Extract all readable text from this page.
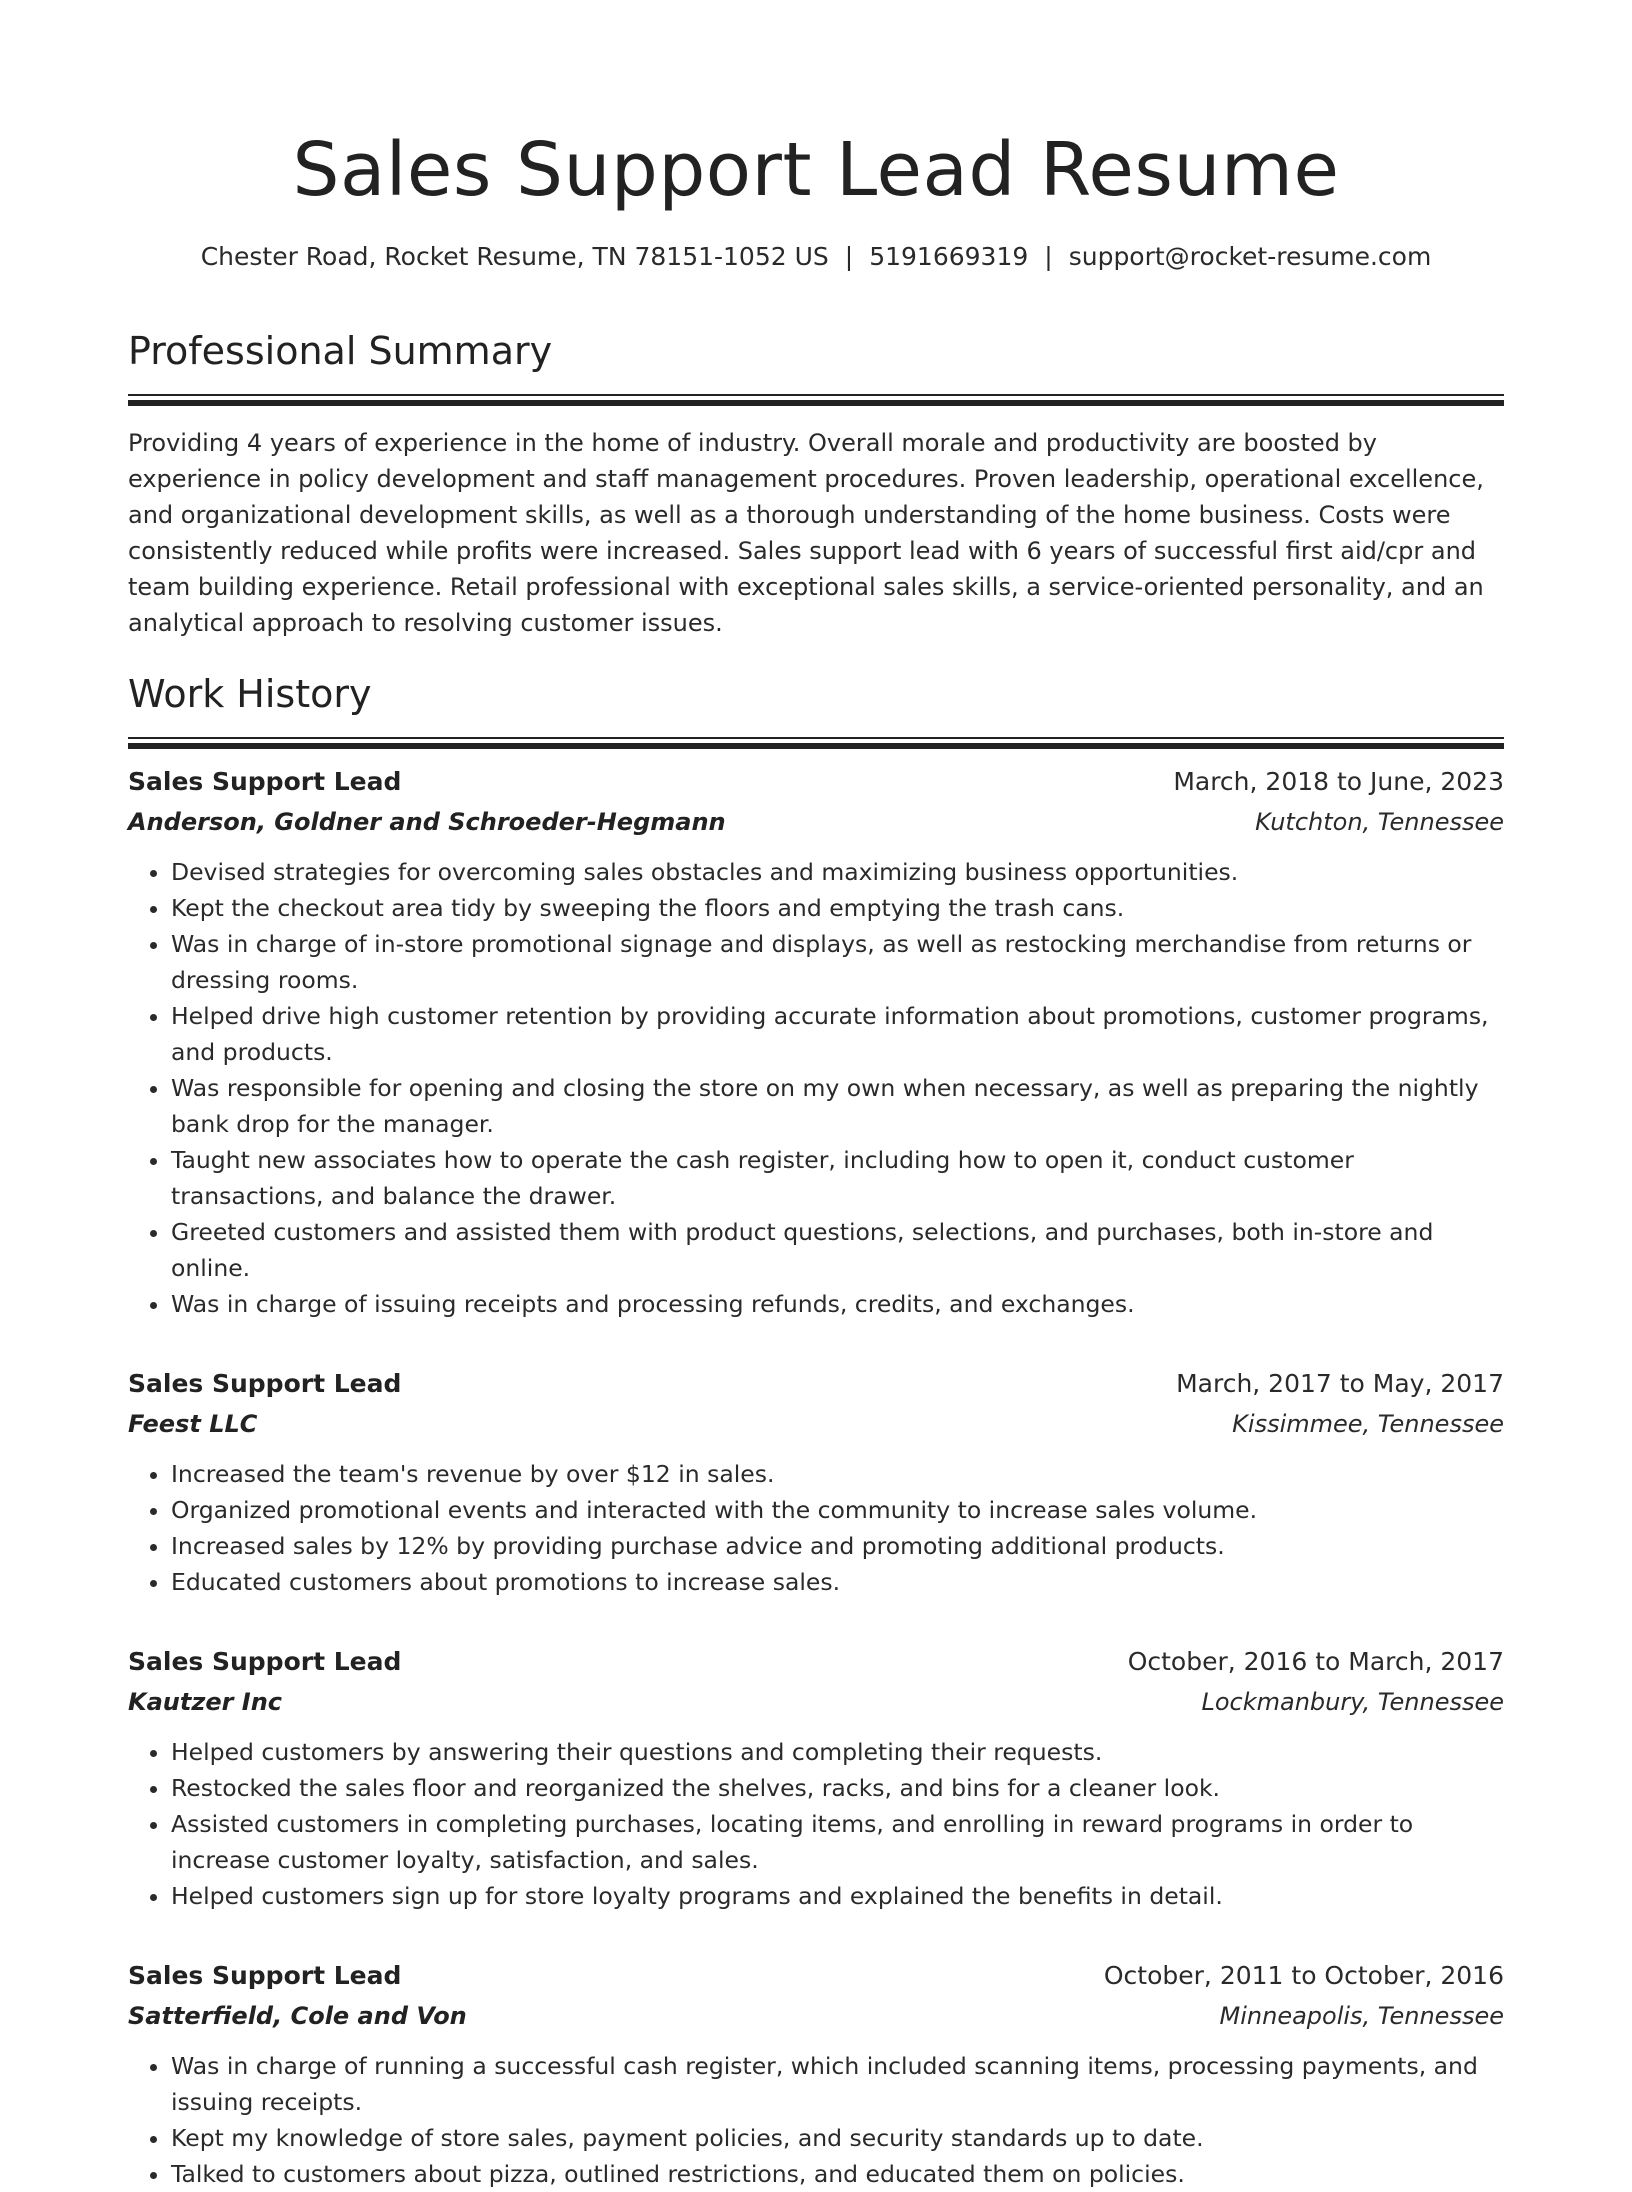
Sales Support Lead Resume
Chester Road, Rocket Resume, TN 78151-1052 US | 5191669319 | support@rocket-resume.com
Professional Summary

Providing 4 years of experience in the home of industry. Overall morale and productivity are boosted by experience in policy development and staff management procedures. Proven leadership, operational excellence, and organizational development skills, as well as a thorough understanding of the home business. Costs were consistently reduced while profits were increased. Sales support lead with 6 years of successful first aid/cpr and team building experience. Retail professional with exceptional sales skills, a service-oriented personality, and an analytical approach to resolving customer issues.

Work History
Sales Support Lead	March, 2018 to June, 2023
Anderson, Goldner and Schroeder-Hegmann	Kutchton, Tennessee
• Devised strategies for overcoming sales obstacles and maximizing business opportunities.
• Kept the checkout area tidy by sweeping the floors and emptying the trash cans.
• Was in charge of in-store promotional signage and displays, as well as restocking merchandise from returns or dressing rooms.
• Helped drive high customer retention by providing accurate information about promotions, customer programs, and products.
• Was responsible for opening and closing the store on my own when necessary, as well as preparing the nightly bank drop for the manager.
• Taught new associates how to operate the cash register, including how to open it, conduct customer transactions, and balance the drawer.
• Greeted customers and assisted them with product questions, selections, and purchases, both in-store and online.
• Was in charge of issuing receipts and processing refunds, credits, and exchanges.
Sales Support Lead	March, 2017 to May, 2017
Feest LLC	Kissimmee, Tennessee
• Increased the team's revenue by over $12 in sales.
• Organized promotional events and interacted with the community to increase sales volume.
• Increased sales by 12% by providing purchase advice and promoting additional products.
• Educated customers about promotions to increase sales.
Sales Support Lead	October, 2016 to March, 2017
Kautzer Inc	Lockmanbury, Tennessee
• Helped customers by answering their questions and completing their requests.
• Restocked the sales floor and reorganized the shelves, racks, and bins for a cleaner look.
• Assisted customers in completing purchases, locating items, and enrolling in reward programs in order to increase customer loyalty, satisfaction, and sales.
• Helped customers sign up for store loyalty programs and explained the benefits in detail.
Sales Support Lead	October, 2011 to October, 2016
Satterfield, Cole and Von	Minneapolis, Tennessee
• Was in charge of running a successful cash register, which included scanning items, processing payments, and issuing receipts.
• Kept my knowledge of store sales, payment policies, and security standards up to date.
• Talked to customers about pizza, outlined restrictions, and educated them on policies.
